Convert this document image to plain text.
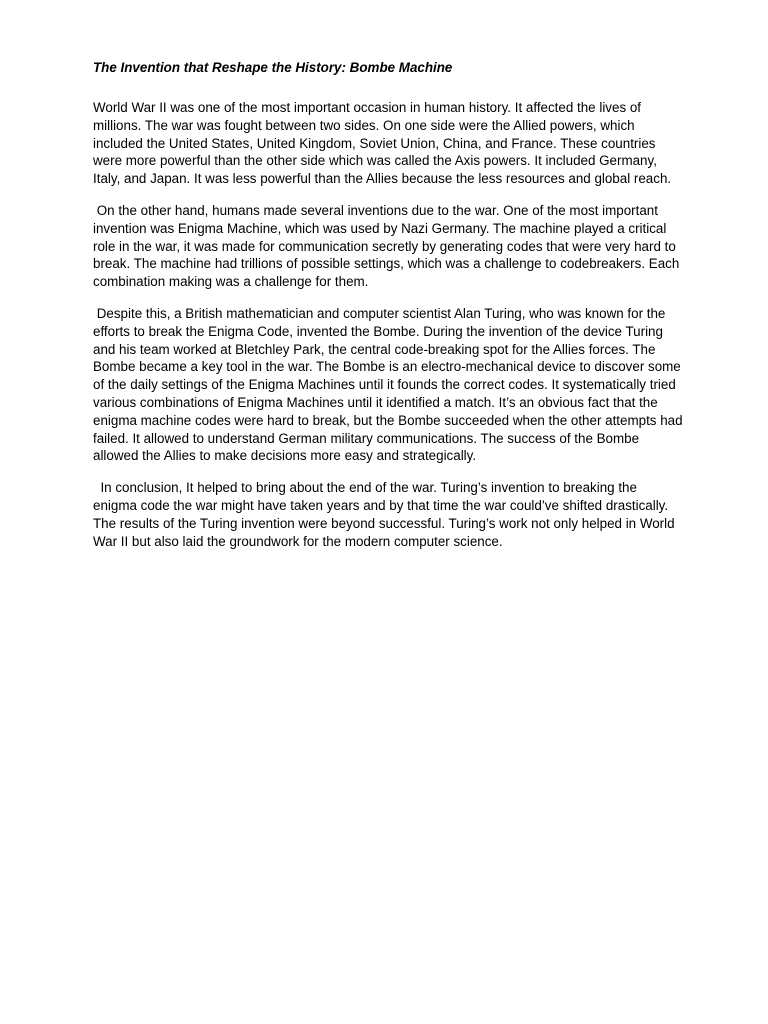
The Invention that Reshape the History: Bombe Machine

World War II was one of the most important occasion in human history. It affected the lives of millions. The war was fought between two sides. On one side were the Allied powers, which included the United States, United Kingdom, Soviet Union, China, and France. These countries were more powerful than the other side which was called the Axis powers. It included Germany, Italy, and Japan. It was less powerful than the Allies because the less resources and global reach.

On the other hand, humans made several inventions due to the war. One of the most important invention was Enigma Machine, which was used by Nazi Germany. The machine played a critical role in the war, it was made for communication secretly by generating codes that were very hard to break. The machine had trillions of possible settings, which was a challenge to codebreakers. Each combination making was a challenge for them.

Despite this, a British mathematician and computer scientist Alan Turing, who was known for the efforts to break the Enigma Code, invented the Bombe. During the invention of the device Turing and his team worked at Bletchley Park, the central code-breaking spot for the Allies forces. The Bombe became a key tool in the war. The Bombe is an electro-mechanical device to discover some of the daily settings of the Enigma Machines until it founds the correct codes. It systematically tried various combinations of Enigma Machines until it identified a match. It’s an obvious fact that the enigma machine codes were hard to break, but the Bombe succeeded when the other attempts had failed. It allowed to understand German military communications. The success of the Bombe allowed the Allies to make decisions more easy and strategically.

In conclusion, It helped to bring about the end of the war. Turing’s invention to breaking the enigma code the war might have taken years and by that time the war could’ve shifted drastically. The results of the Turing invention were beyond successful. Turing’s work not only helped in World War II but also laid the groundwork for the modern computer science.
